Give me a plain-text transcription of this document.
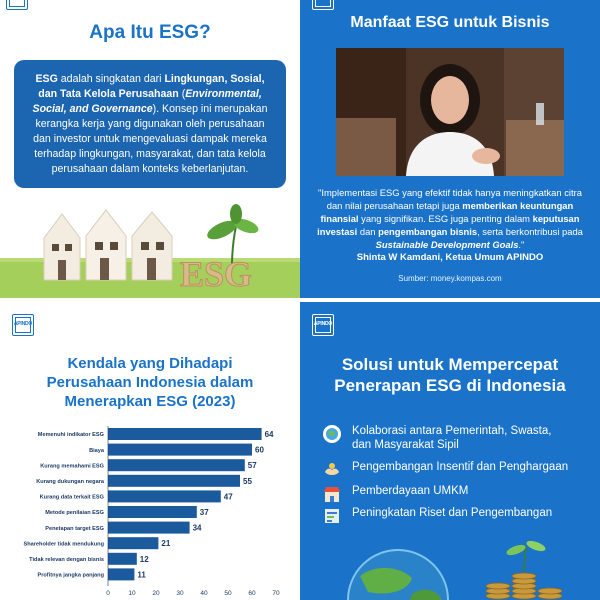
Apa Itu ESG?
ESG adalah singkatan dari Lingkungan, Sosial, dan Tata Kelola Perusahaan (Environmental, Social, and Governance). Konsep ini merupakan kerangka kerja yang digunakan oleh perusahaan dan investor untuk mengevaluasi dampak mereka terhadap lingkungan, masyarakat, dan tata kelola perusahaan dalam konteks keberlanjutan.
ESG
Manfaat ESG untuk Bisnis
"Implementasi ESG yang efektif tidak hanya meningkatkan citra dan nilai perusahaan tetapi juga memberikan keuntungan finansial yang signifikan. ESG juga penting dalam keputusan investasi dan pengembangan bisnis, serta berkontribusi pada Sustainable Development Goals."
Shinta W Kamdani, Ketua Umum APINDO
Sumber: money.kompas.com
APINDO
Kendala yang Dihadapi
Perusahaan Indonesia dalam
Menerapkan ESG (2023)
Memenuhi indikator ESG	64
Biaya	60
Kurang memahami ESG	57
Kurang dukungan negara	55
Kurang data terkait ESG	47
Metode penilaian ESG	37
Penetapan target ESG	34
Shareholder tidak mendukung	21
Tidak relevan dengan bisnis	12
Profitnya jangka panjang	11
0	10	20	30	40	50	60	70
APINDO
Solusi untuk Mempercepat
Penerapan ESG di Indonesia
Kolaborasi antara Pemerintah, Swasta,
dan Masyarakat Sipil
Pengembangan Insentif dan Penghargaan
Pemberdayaan UMKM
Peningkatan Riset dan Pengembangan
